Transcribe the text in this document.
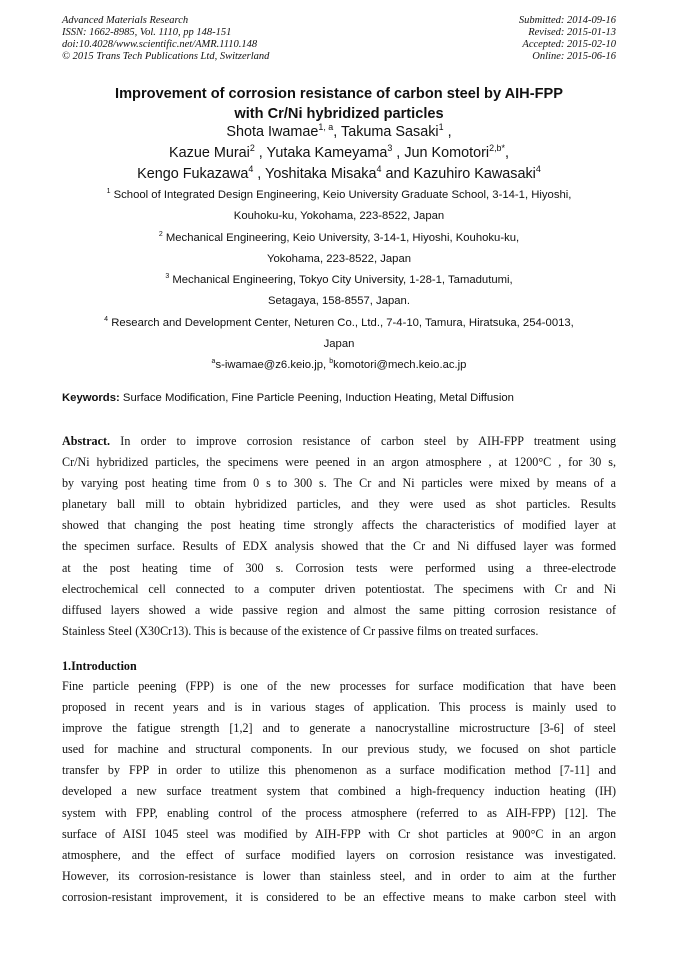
Advanced Materials Research
ISSN: 1662-8985, Vol. 1110, pp 148-151
doi:10.4028/www.scientific.net/AMR.1110.148
© 2015 Trans Tech Publications Ltd, Switzerland
Submitted: 2014-09-16
Revised: 2015-01-13
Accepted: 2015-02-10
Online: 2015-06-16
Improvement of corrosion resistance of carbon steel by AIH-FPP
with Cr/Ni hybridized particles
Shota Iwamae$^{1, a}$, Takuma Sasaki$^1$ ,
Kazue Murai$^2$ , Yutaka Kameyama$^3$ , Jun Komotori$^{2,b*}$,
Kengo Fukazawa$^4$ , Yoshitaka Misaka$^4$ and Kazuhiro Kawasaki$^4$
$^1$ School of Integrated Design Engineering, Keio University Graduate School, 3-14-1, Hiyoshi,
Kouhoku-ku, Yokohama, 223-8522, Japan
$^2$ Mechanical Engineering, Keio University, 3-14-1, Hiyoshi, Kouhoku-ku,
Yokohama, 223-8522, Japan
$^3$ Mechanical Engineering, Tokyo City University, 1-28-1, Tamadutumi,
Setagaya, 158-8557, Japan.
$^4$ Research and Development Center, Neturen Co., Ltd., 7-4-10, Tamura, Hiratsuka, 254-0013,
Japan
$^a$s-iwamae@z6.keio.jp, $^b$komotori@mech.keio.ac.jp
Keywords: Surface Modification, Fine Particle Peening, Induction Heating, Metal Diffusion
Abstract. In order to improve corrosion resistance of carbon steel by AIH-FPP treatment using
Cr/Ni hybridized particles, the specimens were peened in an argon atmosphere , at 1200°C , for 30 s,
by varying post heating time from 0 s to 300 s. The Cr and Ni particles were mixed by means of a
planetary ball mill to obtain hybridized particles, and they were used as shot particles. Results
showed that changing the post heating time strongly affects the characteristics of modified layer at
the specimen surface. Results of EDX analysis showed that the Cr and Ni diffused layer was formed
at the post heating time of 300 s. Corrosion tests were performed using a three-electrode
electrochemical cell connected to a computer driven potentiostat. The specimens with Cr and Ni
diffused layers showed a wide passive region and almost the same pitting corrosion resistance of
Stainless Steel (X30Cr13). This is because of the existence of Cr passive films on treated surfaces.
1.Introduction
Fine particle peening (FPP) is one of the new processes for surface modification that have been
proposed in recent years and is in various stages of application. This process is mainly used to
improve the fatigue strength [1,2] and to generate a nanocrystalline microstructure [3-6] of steel
used for machine and structural components. In our previous study, we focused on shot particle
transfer by FPP in order to utilize this phenomenon as a surface modification method [7-11] and
developed a new surface treatment system that combined a high-frequency induction heating (IH)
system with FPP, enabling control of the process atmosphere (referred to as AIH-FPP) [12]. The
surface of AISI 1045 steel was modified by AIH-FPP with Cr shot particles at 900°C in an argon
atmosphere, and the effect of surface modified layers on corrosion resistance was investigated.
However, its corrosion-resistance is lower than stainless steel, and in order to aim at the further
corrosion-resistant improvement, it is considered to be an effective means to make carbon steel with
